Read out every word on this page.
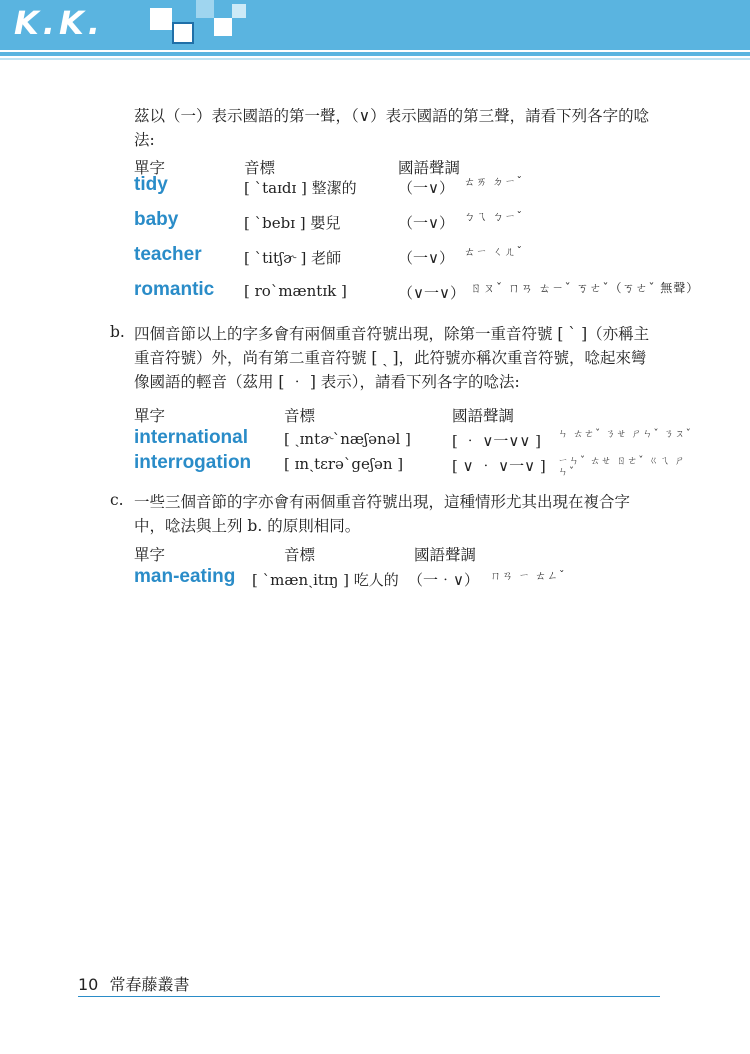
K.K.
茲以（一）表示國語的第一聲，（∨）表示國語的第三聲，請看下列各字的唸法:
單字	音標	國語聲調
tidy	[ ˋtaɪdɪ ] 整潔的	（一∨） ㄊㄞ ㄉㄧˇ
baby	[ ˋbebɪ ] 嬰兒	（一∨） ㄅㄟ ㄅㄧˇ
teacher	[ ˋtitʃɚ ] 老師	（一∨） ㄊㄧ ㄑㄦˇ
romantic [ roˋmæntɪk ]	（∨一∨） ㄖㄡˇ ㄇㄢ ㄊㄧˇ ㄎㄜˇ（ㄎㄜˇ 無聲）
b. 四個音節以上的字多會有兩個重音符號出現，除第一重音符號 [ ˋ ]（亦稱主重音符號）外，尚有第二重音符號 [ ˏ ]，此符號亦稱次重音符號，唸起來彎像國語的輕音（茲用 [ ‧ ] 表示），請看下列各字的唸法:
單字	音標	國語聲調
international [ ˏɪntɚˋnæʃənəl ]	[ ‧ ∨一∨∨ ] ㄣ ㄊㄜˇ ㄋㄝ ㄕㄣˇ ㄋㄡˇ
interrogation [ ɪnˏtɛrəˋgeʃən ]	[ ∨ ‧ ∨一∨ ] ㄧㄣˇ ㄊㄝ ㄖㄜˇ ㄍㄟ ㄕㄣˇ
c. 一些三個音節的字亦會有兩個重音符號出現，這種情形尤其出現在複合字中，唸法與上列 b. 的原則相同。
單字	音標	國語聲調
man-eating [ ˋmænˏitɪŋ ] 吃人的 （一‧∨） ㄇㄢ ㄧ ㄊㄥˇ
10 常春藤叢書
